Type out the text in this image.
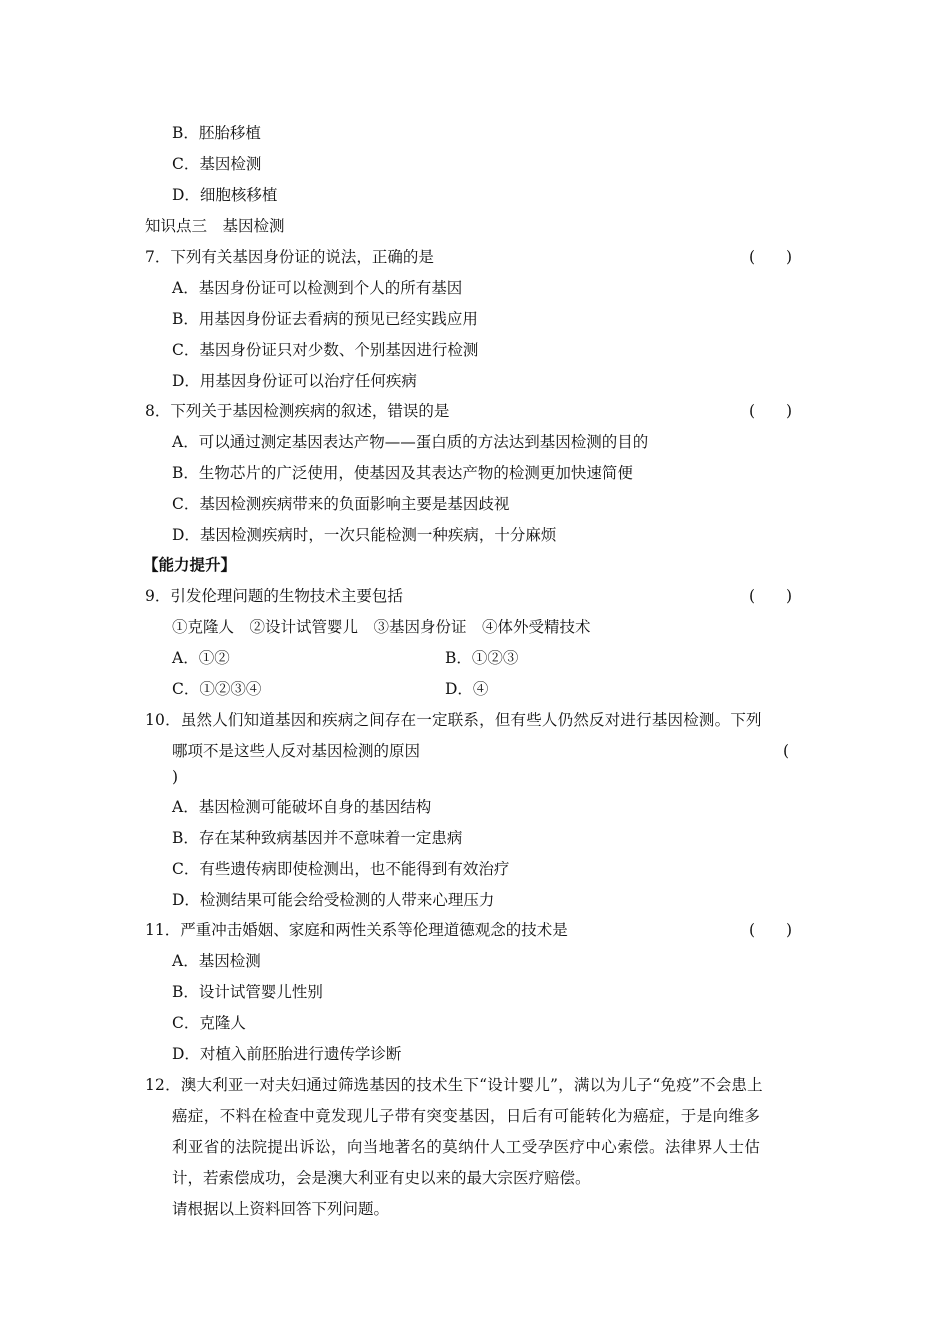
B．胚胎移植
C．基因检测
D．细胞核移植
知识点三　基因检测
7．下列有关基因身份证的说法，正确的是	(　　)
A．基因身份证可以检测到个人的所有基因
B．用基因身份证去看病的预见已经实践应用
C．基因身份证只对少数、个别基因进行检测
D．用基因身份证可以治疗任何疾病
8．下列关于基因检测疾病的叙述，错误的是	(　　)
A．可以通过测定基因表达产物——蛋白质的方法达到基因检测的目的
B．生物芯片的广泛使用，使基因及其表达产物的检测更加快速简便
C．基因检测疾病带来的负面影响主要是基因歧视
D．基因检测疾病时，一次只能检测一种疾病，十分麻烦
【能力提升】
9．引发伦理问题的生物技术主要包括	(　　)
①克隆人　②设计试管婴儿　③基因身份证　④体外受精技术
A．①②	B．①②③
C．①②③④	D．④
10．虽然人们知道基因和疾病之间存在一定联系，但有些人仍然反对进行基因检测。下列
哪项不是这些人反对基因检测的原因	(
)
A．基因检测可能破坏自身的基因结构
B．存在某种致病基因并不意味着一定患病
C．有些遗传病即使检测出，也不能得到有效治疗
D．检测结果可能会给受检测的人带来心理压力
11．严重冲击婚姻、家庭和两性关系等伦理道德观念的技术是	(　　)
A．基因检测
B．设计试管婴儿性别
C．克隆人
D．对植入前胚胎进行遗传学诊断
12．澳大利亚一对夫妇通过筛选基因的技术生下“设计婴儿”，满以为儿子“免疫”不会患上
癌症，不料在检查中竟发现儿子带有突变基因，日后有可能转化为癌症，于是向维多
利亚省的法院提出诉讼，向当地著名的莫纳什人工受孕医疗中心索偿。法律界人士估
计，若索偿成功，会是澳大利亚有史以来的最大宗医疗赔偿。
请根据以上资料回答下列问题。
